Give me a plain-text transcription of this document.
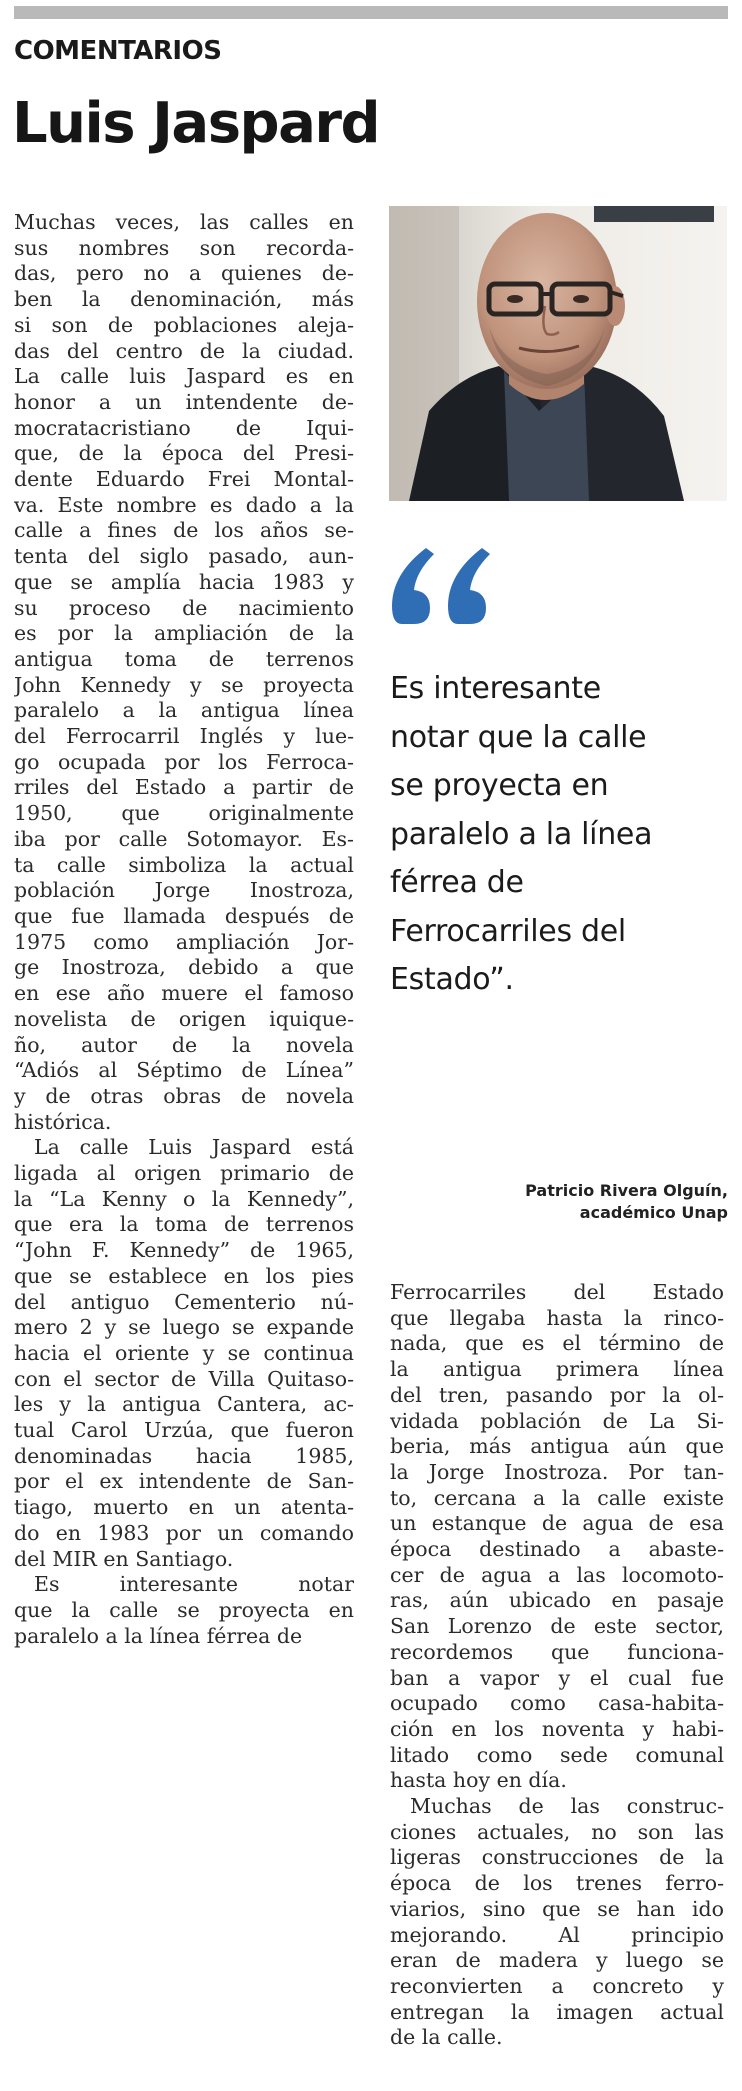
COMENTARIOS
Luis Jaspard

Muchas veces, las calles en

sus nombres son recorda-

das, pero no a quienes de-

ben la denominación, más

si son de poblaciones aleja-

das del centro de la ciudad.

La calle luis Jaspard es en

honor a un intendente de-

mocratacristiano de Iqui-

que, de la época del Presi-

dente Eduardo Frei Montal-

va. Este nombre es dado a la

calle a fines de los años se-

tenta del siglo pasado, aun-

que se amplía hacia 1983 y

su proceso de nacimiento

es por la ampliación de la

antigua toma de terrenos

John Kennedy y se proyecta

paralelo a la antigua línea

del Ferrocarril Inglés y lue-

go ocupada por los Ferroca-

rriles del Estado a partir de

1950, que originalmente

iba por calle Sotomayor. Es-

ta calle simboliza la actual

población Jorge Inostroza,

que fue llamada después de

1975 como ampliación Jor-

ge Inostroza, debido a que

en ese año muere el famoso

novelista de origen iquique-

ño, autor de la novela

“Adiós al Séptimo de Línea”

y de otras obras de novela

histórica.

La calle Luis Jaspard está

ligada al origen primario de

la “La Kenny o la Kennedy”,

que era la toma de terrenos

“John F. Kennedy” de 1965,

que se establece en los pies

del antiguo Cementerio nú-

mero 2 y se luego se expande

hacia el oriente y se continua

con el sector de Villa Quitaso-

les y la antigua Cantera, ac-

tual Carol Urzúa, que fueron

denominadas hacia 1985,

por el ex intendente de San-

tiago, muerto en un atenta-

do en 1983 por un comando

del MIR en Santiago.

Es interesante notar

que la calle se proyecta en

paralelo a la línea férrea de

Es interesante
notar que la calle
se proyecta en
paralelo a la línea
férrea de
Ferrocarriles del
Estado”.
Patricio Rivera Olguín,
académico Unap

Ferrocarriles del Estado

que llegaba hasta la rinco-

nada, que es el término de

la antigua primera línea

del tren, pasando por la ol-

vidada población de La Si-

beria, más antigua aún que

la Jorge Inostroza. Por tan-

to, cercana a la calle existe

un estanque de agua de esa

época destinado a abaste-

cer de agua a las locomoto-

ras, aún ubicado en pasaje

San Lorenzo de este sector,

recordemos que funciona-

ban a vapor y el cual fue

ocupado como casa-habita-

ción en los noventa y habi-

litado como sede comunal

hasta hoy en día.

Muchas de las construc-

ciones actuales, no son las

ligeras construcciones de la

época de los trenes ferro-

viarios, sino que se han ido

mejorando. Al principio

eran de madera y luego se

reconvierten a concreto y

entregan la imagen actual

de la calle.
